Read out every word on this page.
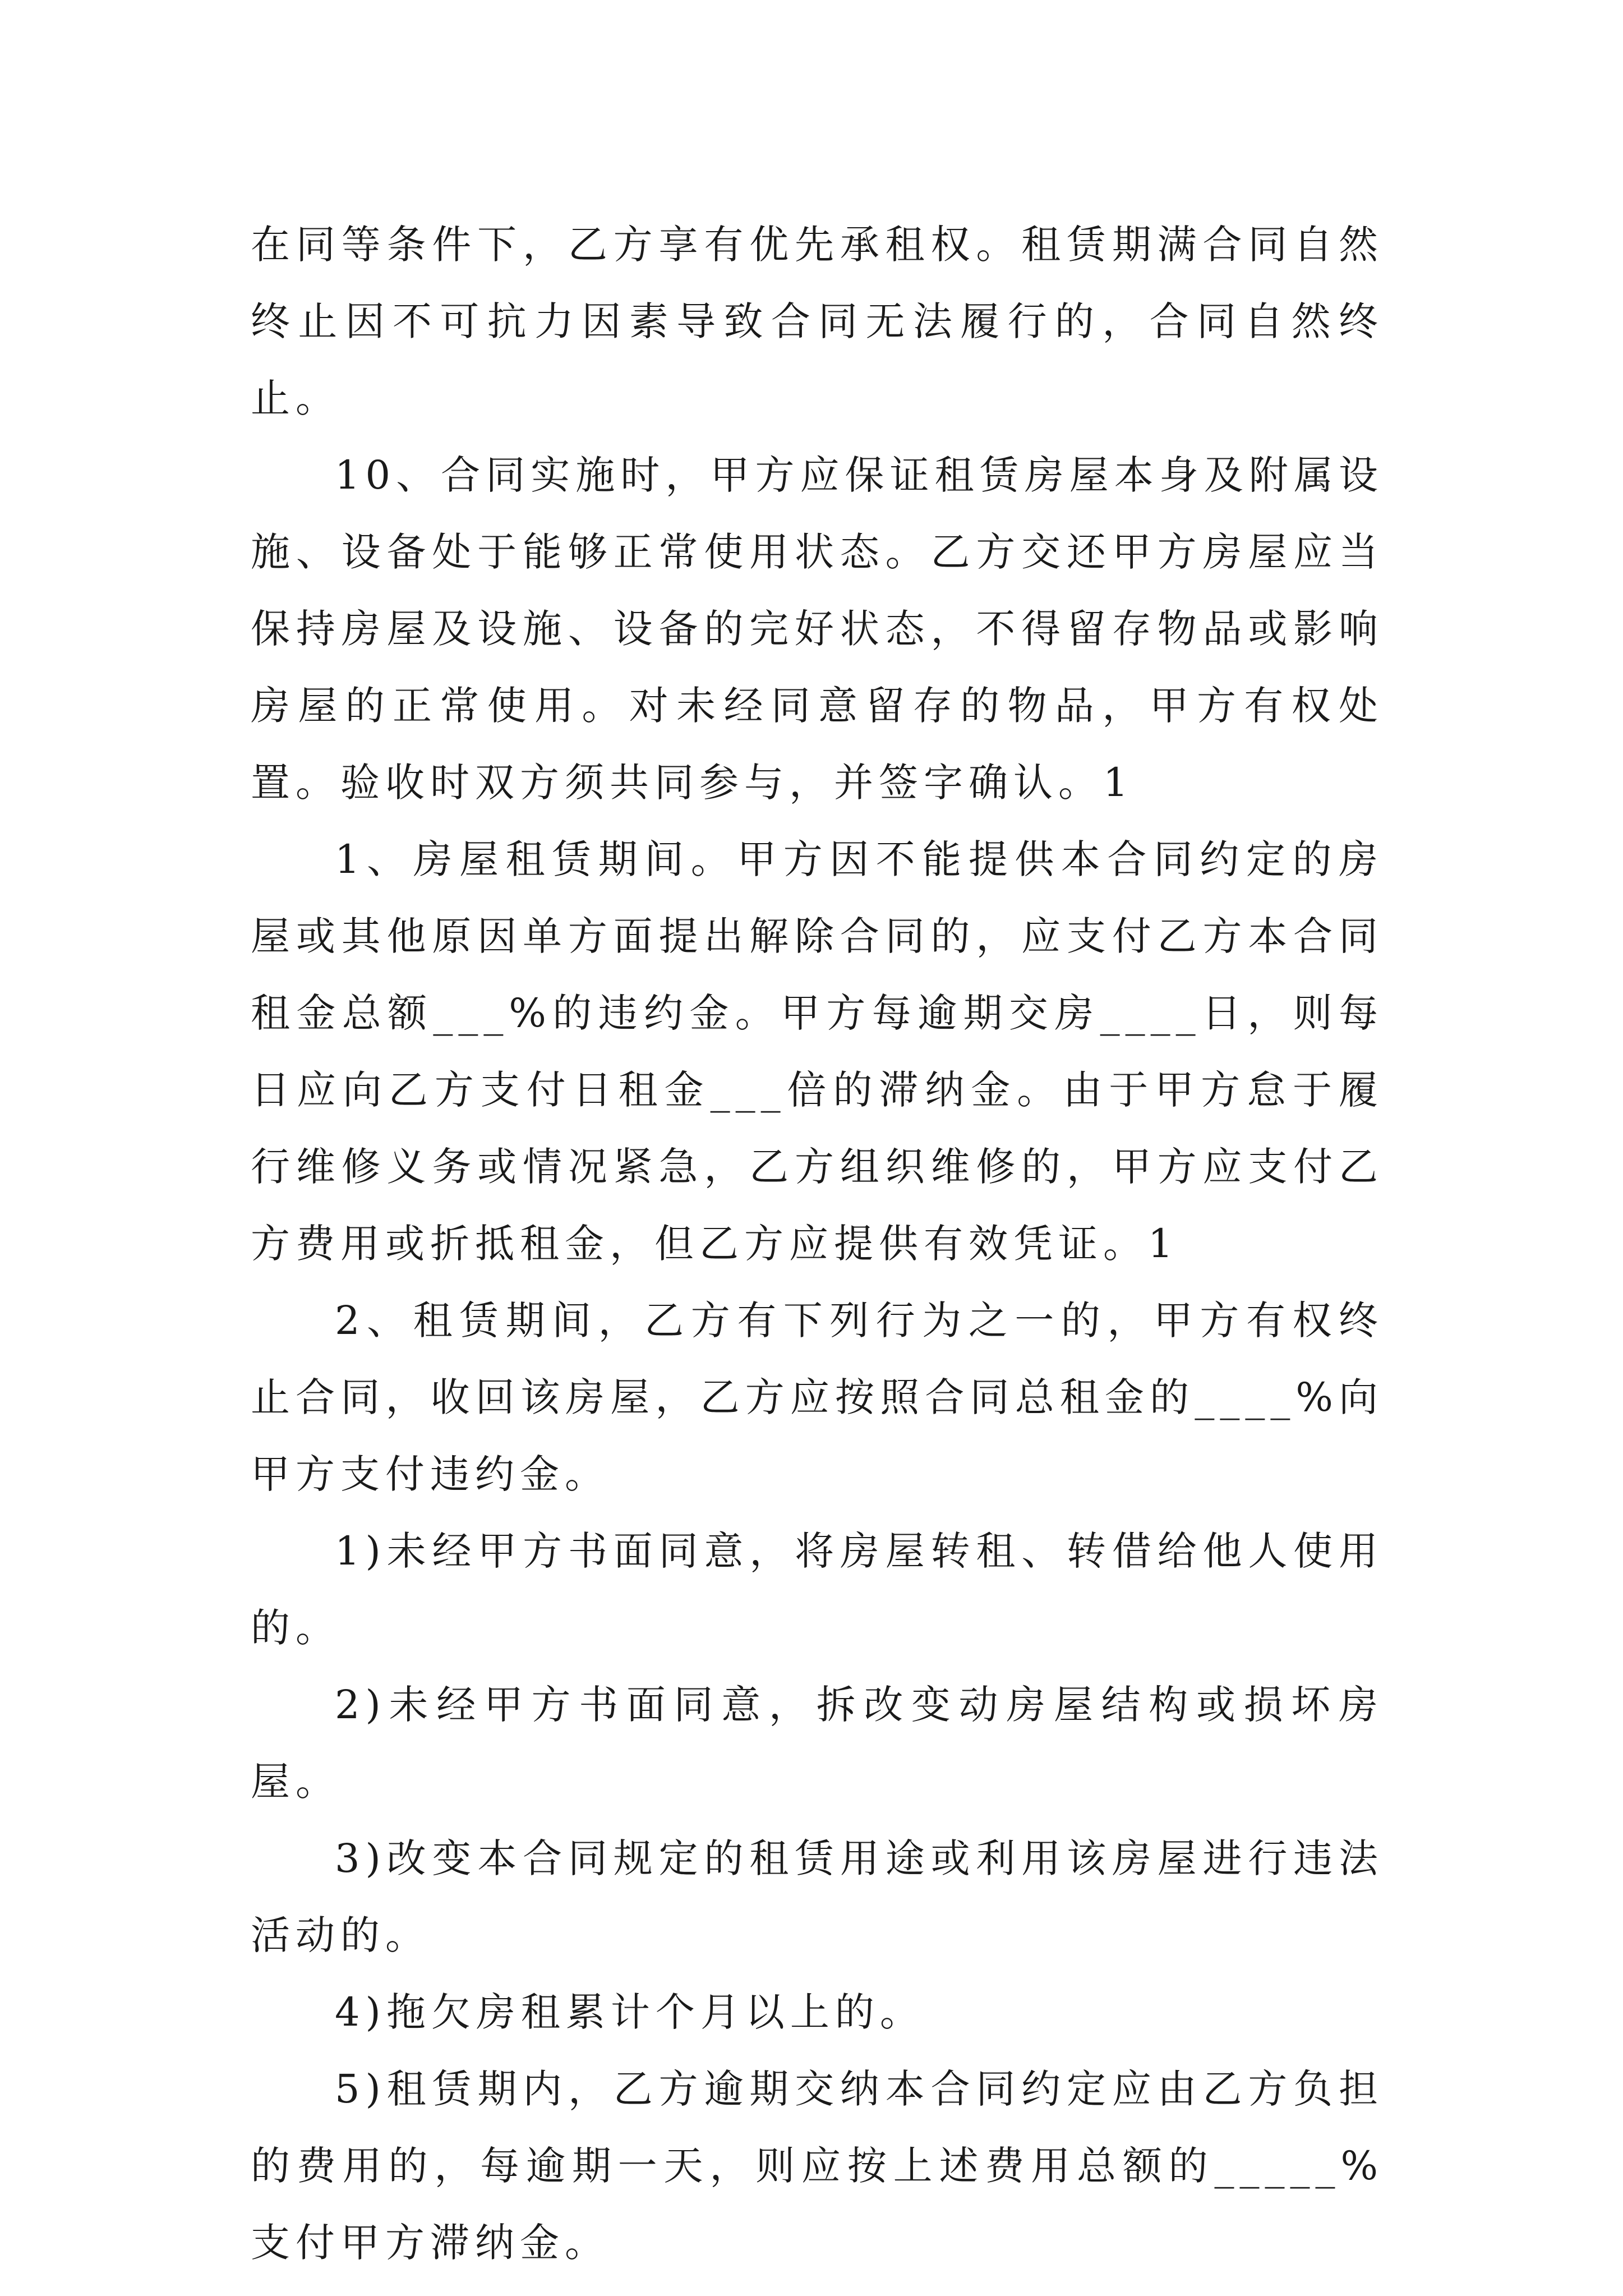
在同等条件下，乙方享有优先承租权。租赁期满合同自然终止因不可抗力因素导致合同无法履行的，合同自然终止。

10、合同实施时，甲方应保证租赁房屋本身及附属设施、设备处于能够正常使用状态。乙方交还甲方房屋应当保持房屋及设施、设备的完好状态，不得留存物品或影响房屋的正常使用。对未经同意留存的物品，甲方有权处置。验收时双方须共同参与，并签字确认。1

1、房屋租赁期间。甲方因不能提供本合同约定的房屋或其他原因单方面提出解除合同的，应支付乙方本合同租金总额___%的违约金。甲方每逾期交房____日，则每日应向乙方支付日租金___倍的滞纳金。由于甲方怠于履行维修义务或情况紧急，乙方组织维修的，甲方应支付乙方费用或折抵租金，但乙方应提供有效凭证。1

2、租赁期间，乙方有下列行为之一的，甲方有权终止合同，收回该房屋，乙方应按照合同总租金的____%向甲方支付违约金。

1)未经甲方书面同意，将房屋转租、转借给他人使用的。

2)未经甲方书面同意，拆改变动房屋结构或损坏房屋。

3)改变本合同规定的租赁用途或利用该房屋进行违法活动的。

4)拖欠房租累计个月以上的。

5)租赁期内，乙方逾期交纳本合同约定应由乙方负担的费用的，每逾期一天，则应按上述费用总额的_____%支付甲方滞纳金。
